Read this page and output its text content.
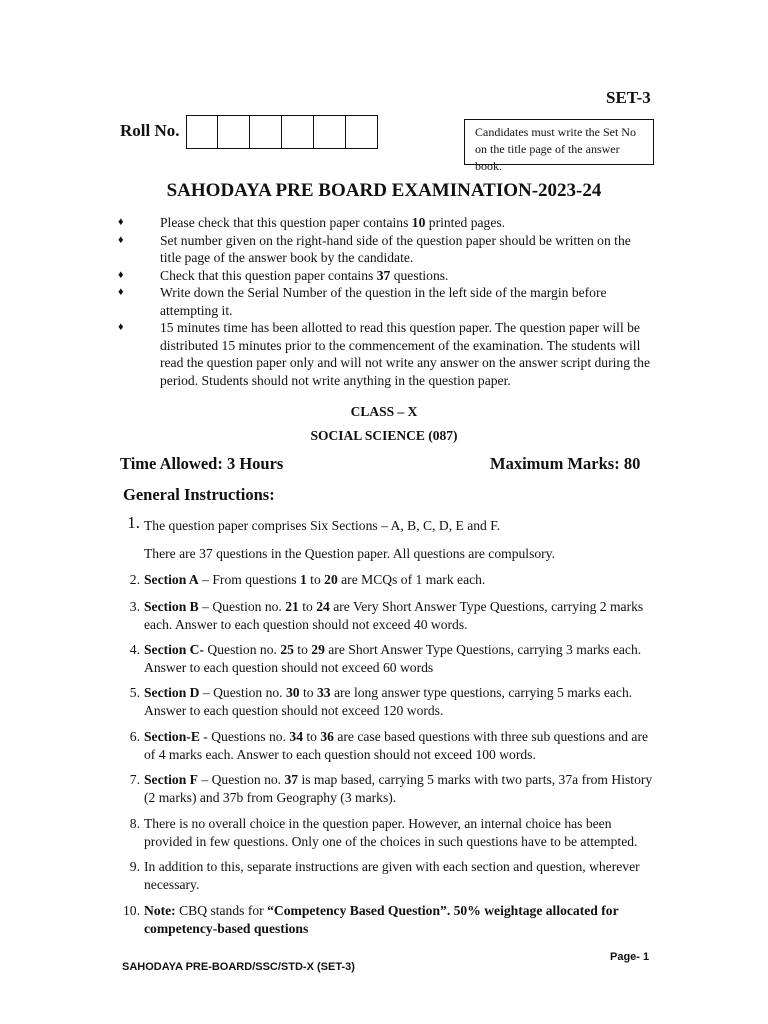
SET-3
Roll No.	Candidates must write the Set No on the title page of the answer book.
SAHODAYA PRE BOARD EXAMINATION-2023-24
♦	Please check that this question paper contains 10 printed pages.
♦	Set number given on the right-hand side of the question paper should be written on the title page of the answer book by the candidate.
♦	Check that this question paper contains 37 questions.
♦	Write down the Serial Number of the question in the left side of the margin before attempting it.
♦	15 minutes time has been allotted to read this question paper. The question paper will be distributed 15 minutes prior to the commencement of the examination. The students will read the question paper only and will not write any answer on the answer script during the period. Students should not write anything in the question paper.
CLASS – X
SOCIAL SCIENCE (087)
Time Allowed: 3 Hours	Maximum Marks: 80
General Instructions:
1. The question paper comprises Six Sections – A, B, C, D, E and F.
There are 37 questions in the Question paper. All questions are compulsory.
2. Section A – From questions 1 to 20 are MCQs of 1 mark each.
3. Section B – Question no. 21 to 24 are Very Short Answer Type Questions, carrying 2 marks each. Answer to each question should not exceed 40 words.
4. Section C- Question no. 25 to 29 are Short Answer Type Questions, carrying 3 marks each. Answer to each question should not exceed 60 words
5. Section D – Question no. 30 to 33 are long answer type questions, carrying 5 marks each. Answer to each question should not exceed 120 words.
6. Section-E - Questions no. 34 to 36 are case based questions with three sub questions and are of 4 marks each. Answer to each question should not exceed 100 words.
7. Section F – Question no. 37 is map based, carrying 5 marks with two parts, 37a from History (2 marks) and 37b from Geography (3 marks).
8. There is no overall choice in the question paper. However, an internal choice has been provided in few questions. Only one of the choices in such questions have to be attempted.
9. In addition to this, separate instructions are given with each section and question, wherever necessary.
10. Note: CBQ stands for “Competency Based Question”. 50% weightage allocated for competency-based questions
SAHODAYA PRE-BOARD/SSC/STD-X (SET-3)
Page- 1
